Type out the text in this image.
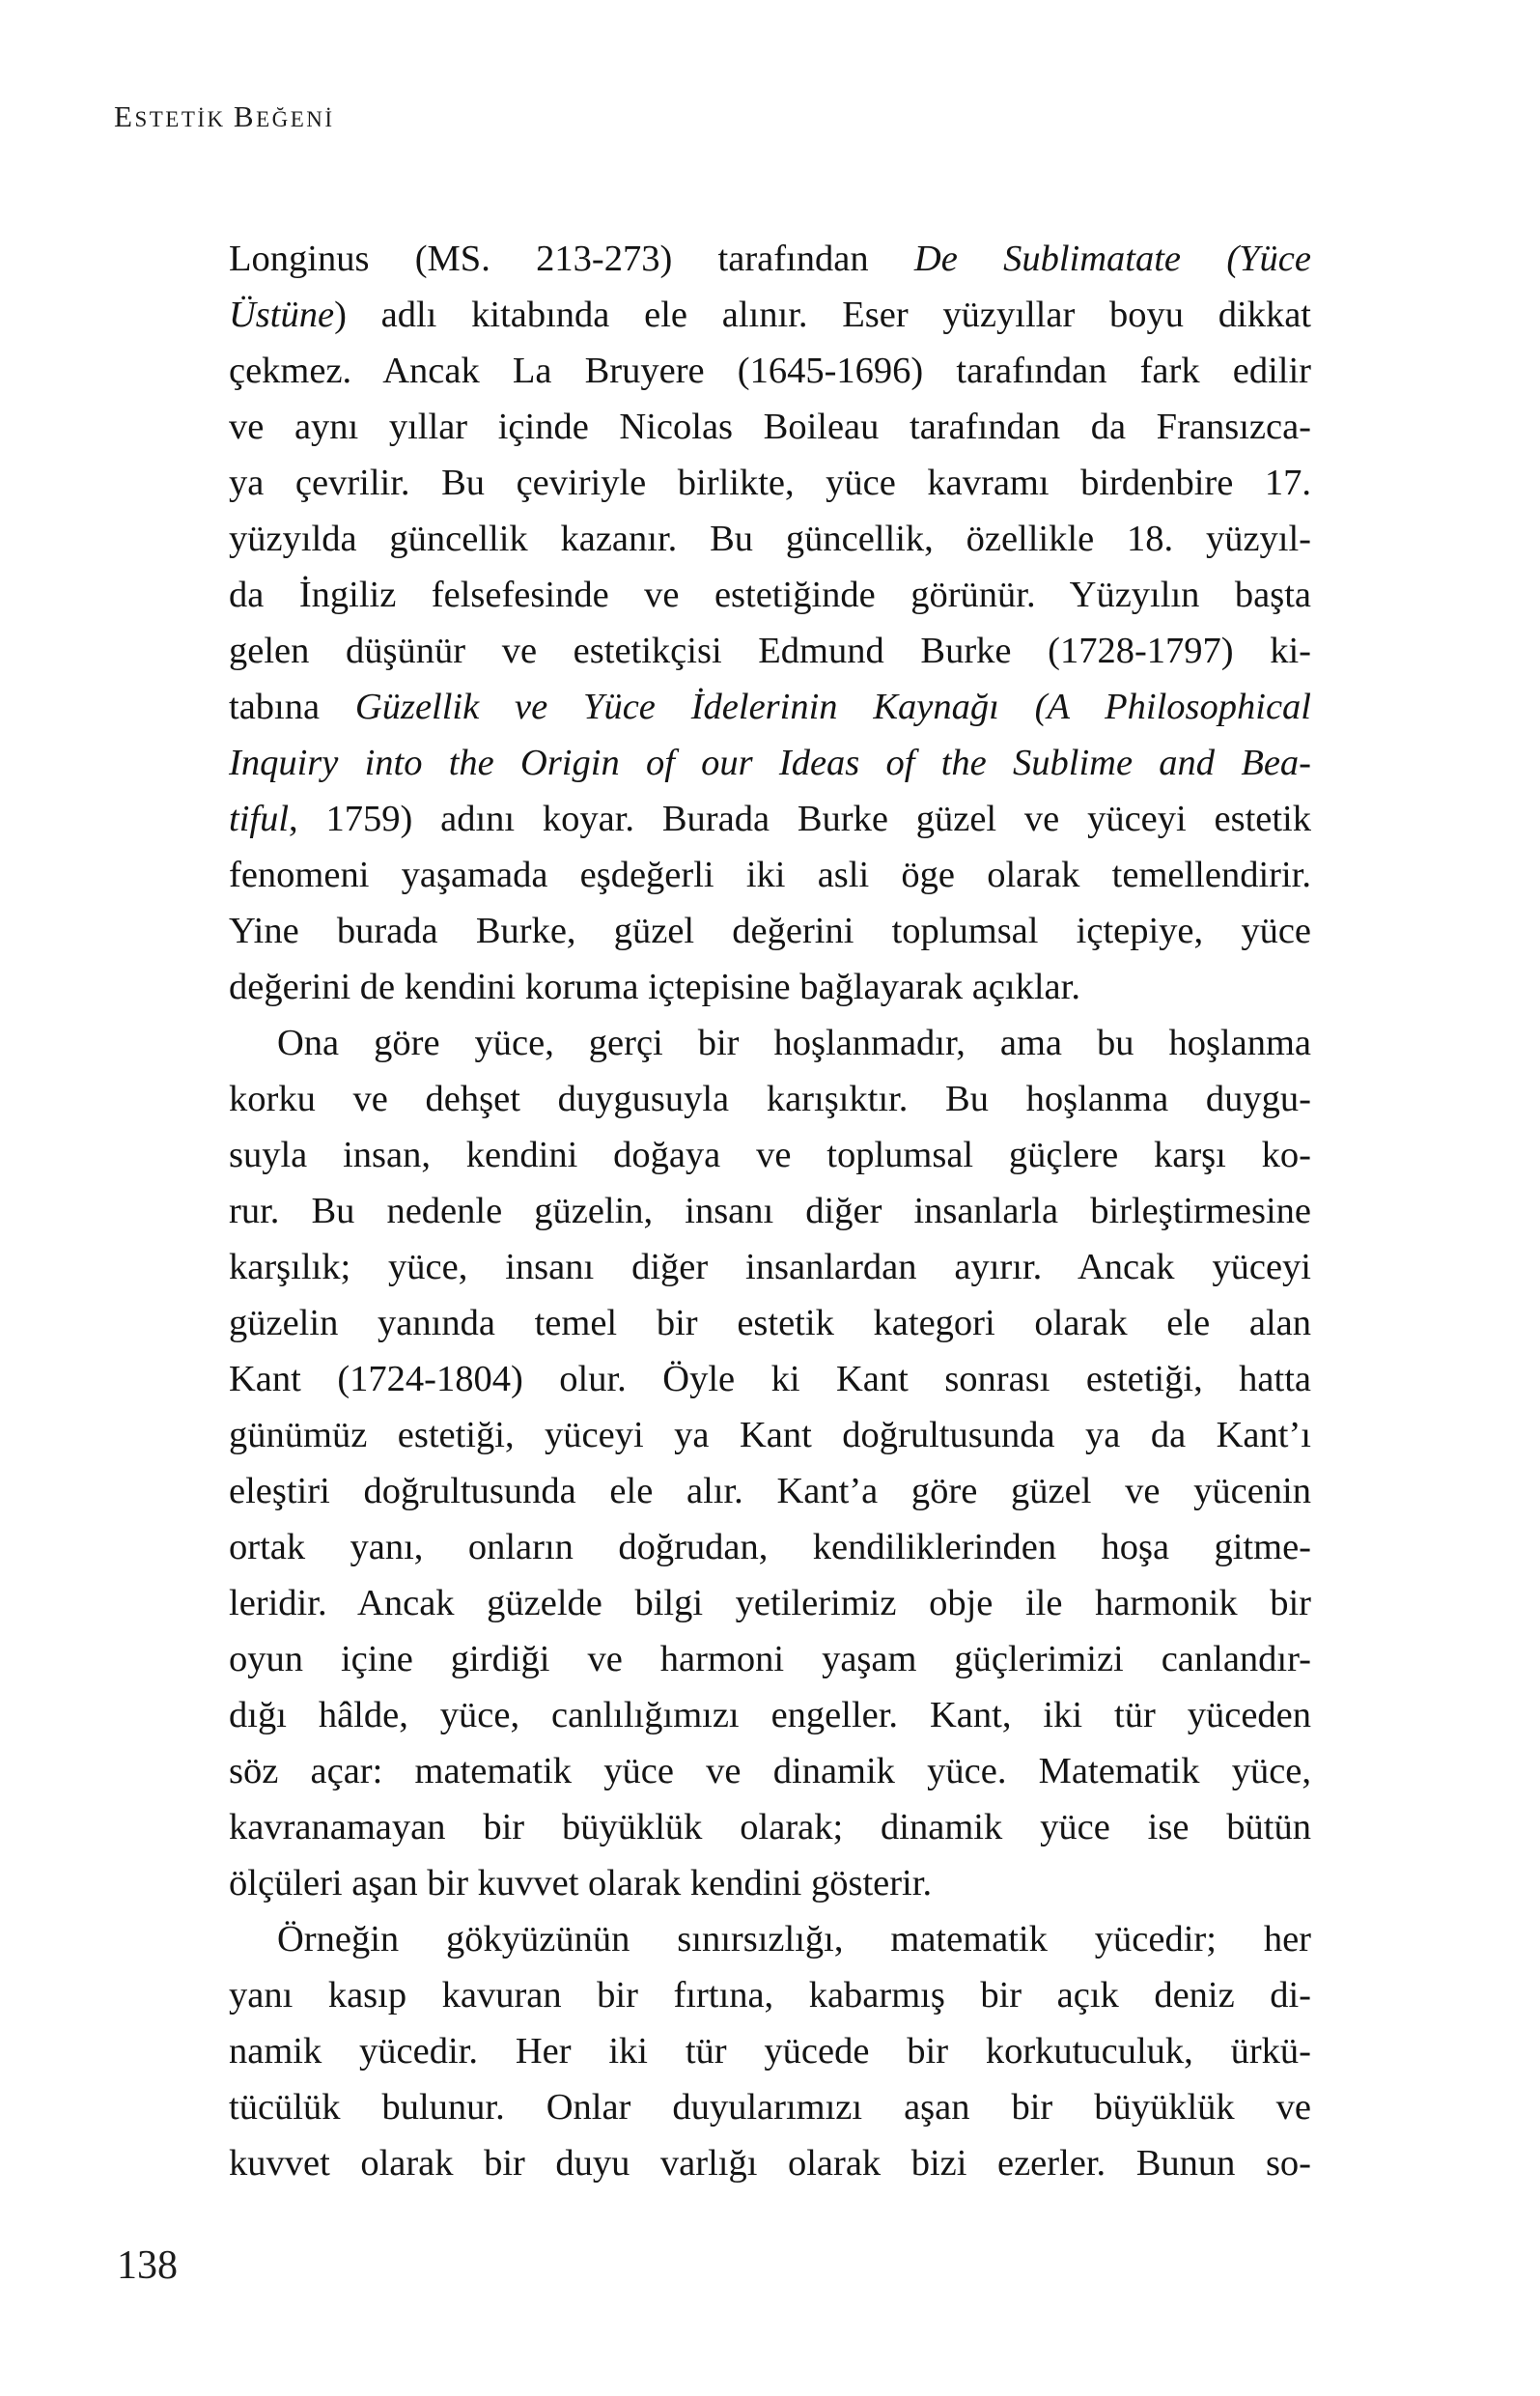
ESTETİK BEĞENİ
Longinus (MS. 213-273) tarafından De Sublimatate (Yüce
Üstüne) adlı kitabında ele alınır. Eser yüzyıllar boyu dikkat
çekmez. Ancak La Bruyere (1645-1696) tarafından fark edilir
ve aynı yıllar içinde Nicolas Boileau tarafından da Fransızca-
ya çevrilir. Bu çeviriyle birlikte, yüce kavramı birdenbire 17.
yüzyılda güncellik kazanır. Bu güncellik, özellikle 18. yüzyıl-
da İngiliz felsefesinde ve estetiğinde görünür. Yüzyılın başta
gelen düşünür ve estetikçisi Edmund Burke (1728-1797) ki-
tabına Güzellik ve Yüce İdelerinin Kaynağı (A Philosophical
Inquiry into the Origin of our Ideas of the Sublime and Bea-
tiful, 1759) adını koyar. Burada Burke güzel ve yüceyi estetik
fenomeni yaşamada eşdeğerli iki asli öge olarak temellendirir.
Yine burada Burke, güzel değerini toplumsal içtepiye, yüce
değerini de kendini koruma içtepisine bağlayarak açıklar.
Ona göre yüce, gerçi bir hoşlanmadır, ama bu hoşlanma
korku ve dehşet duygusuyla karışıktır. Bu hoşlanma duygu-
suyla insan, kendini doğaya ve toplumsal güçlere karşı ko-
rur. Bu nedenle güzelin, insanı diğer insanlarla birleştirmesine
karşılık; yüce, insanı diğer insanlardan ayırır. Ancak yüceyi
güzelin yanında temel bir estetik kategori olarak ele alan
Kant (1724-1804) olur. Öyle ki Kant sonrası estetiği, hatta
günümüz estetiği, yüceyi ya Kant doğrultusunda ya da Kant’ı
eleştiri doğrultusunda ele alır. Kant’a göre güzel ve yücenin
ortak yanı, onların doğrudan, kendiliklerinden hoşa gitme-
leridir. Ancak güzelde bilgi yetilerimiz obje ile harmonik bir
oyun içine girdiği ve harmoni yaşam güçlerimizi canlandır-
dığı hâlde, yüce, canlılığımızı engeller. Kant, iki tür yüceden
söz açar: matematik yüce ve dinamik yüce. Matematik yüce,
kavranamayan bir büyüklük olarak; dinamik yüce ise bütün
ölçüleri aşan bir kuvvet olarak kendini gösterir.
Örneğin gökyüzünün sınırsızlığı, matematik yücedir; her
yanı kasıp kavuran bir fırtına, kabarmış bir açık deniz di-
namik yücedir. Her iki tür yücede bir korkutuculuk, ürkü-
tücülük bulunur. Onlar duyularımızı aşan bir büyüklük ve
kuvvet olarak bir duyu varlığı olarak bizi ezerler. Bunun so-
138
